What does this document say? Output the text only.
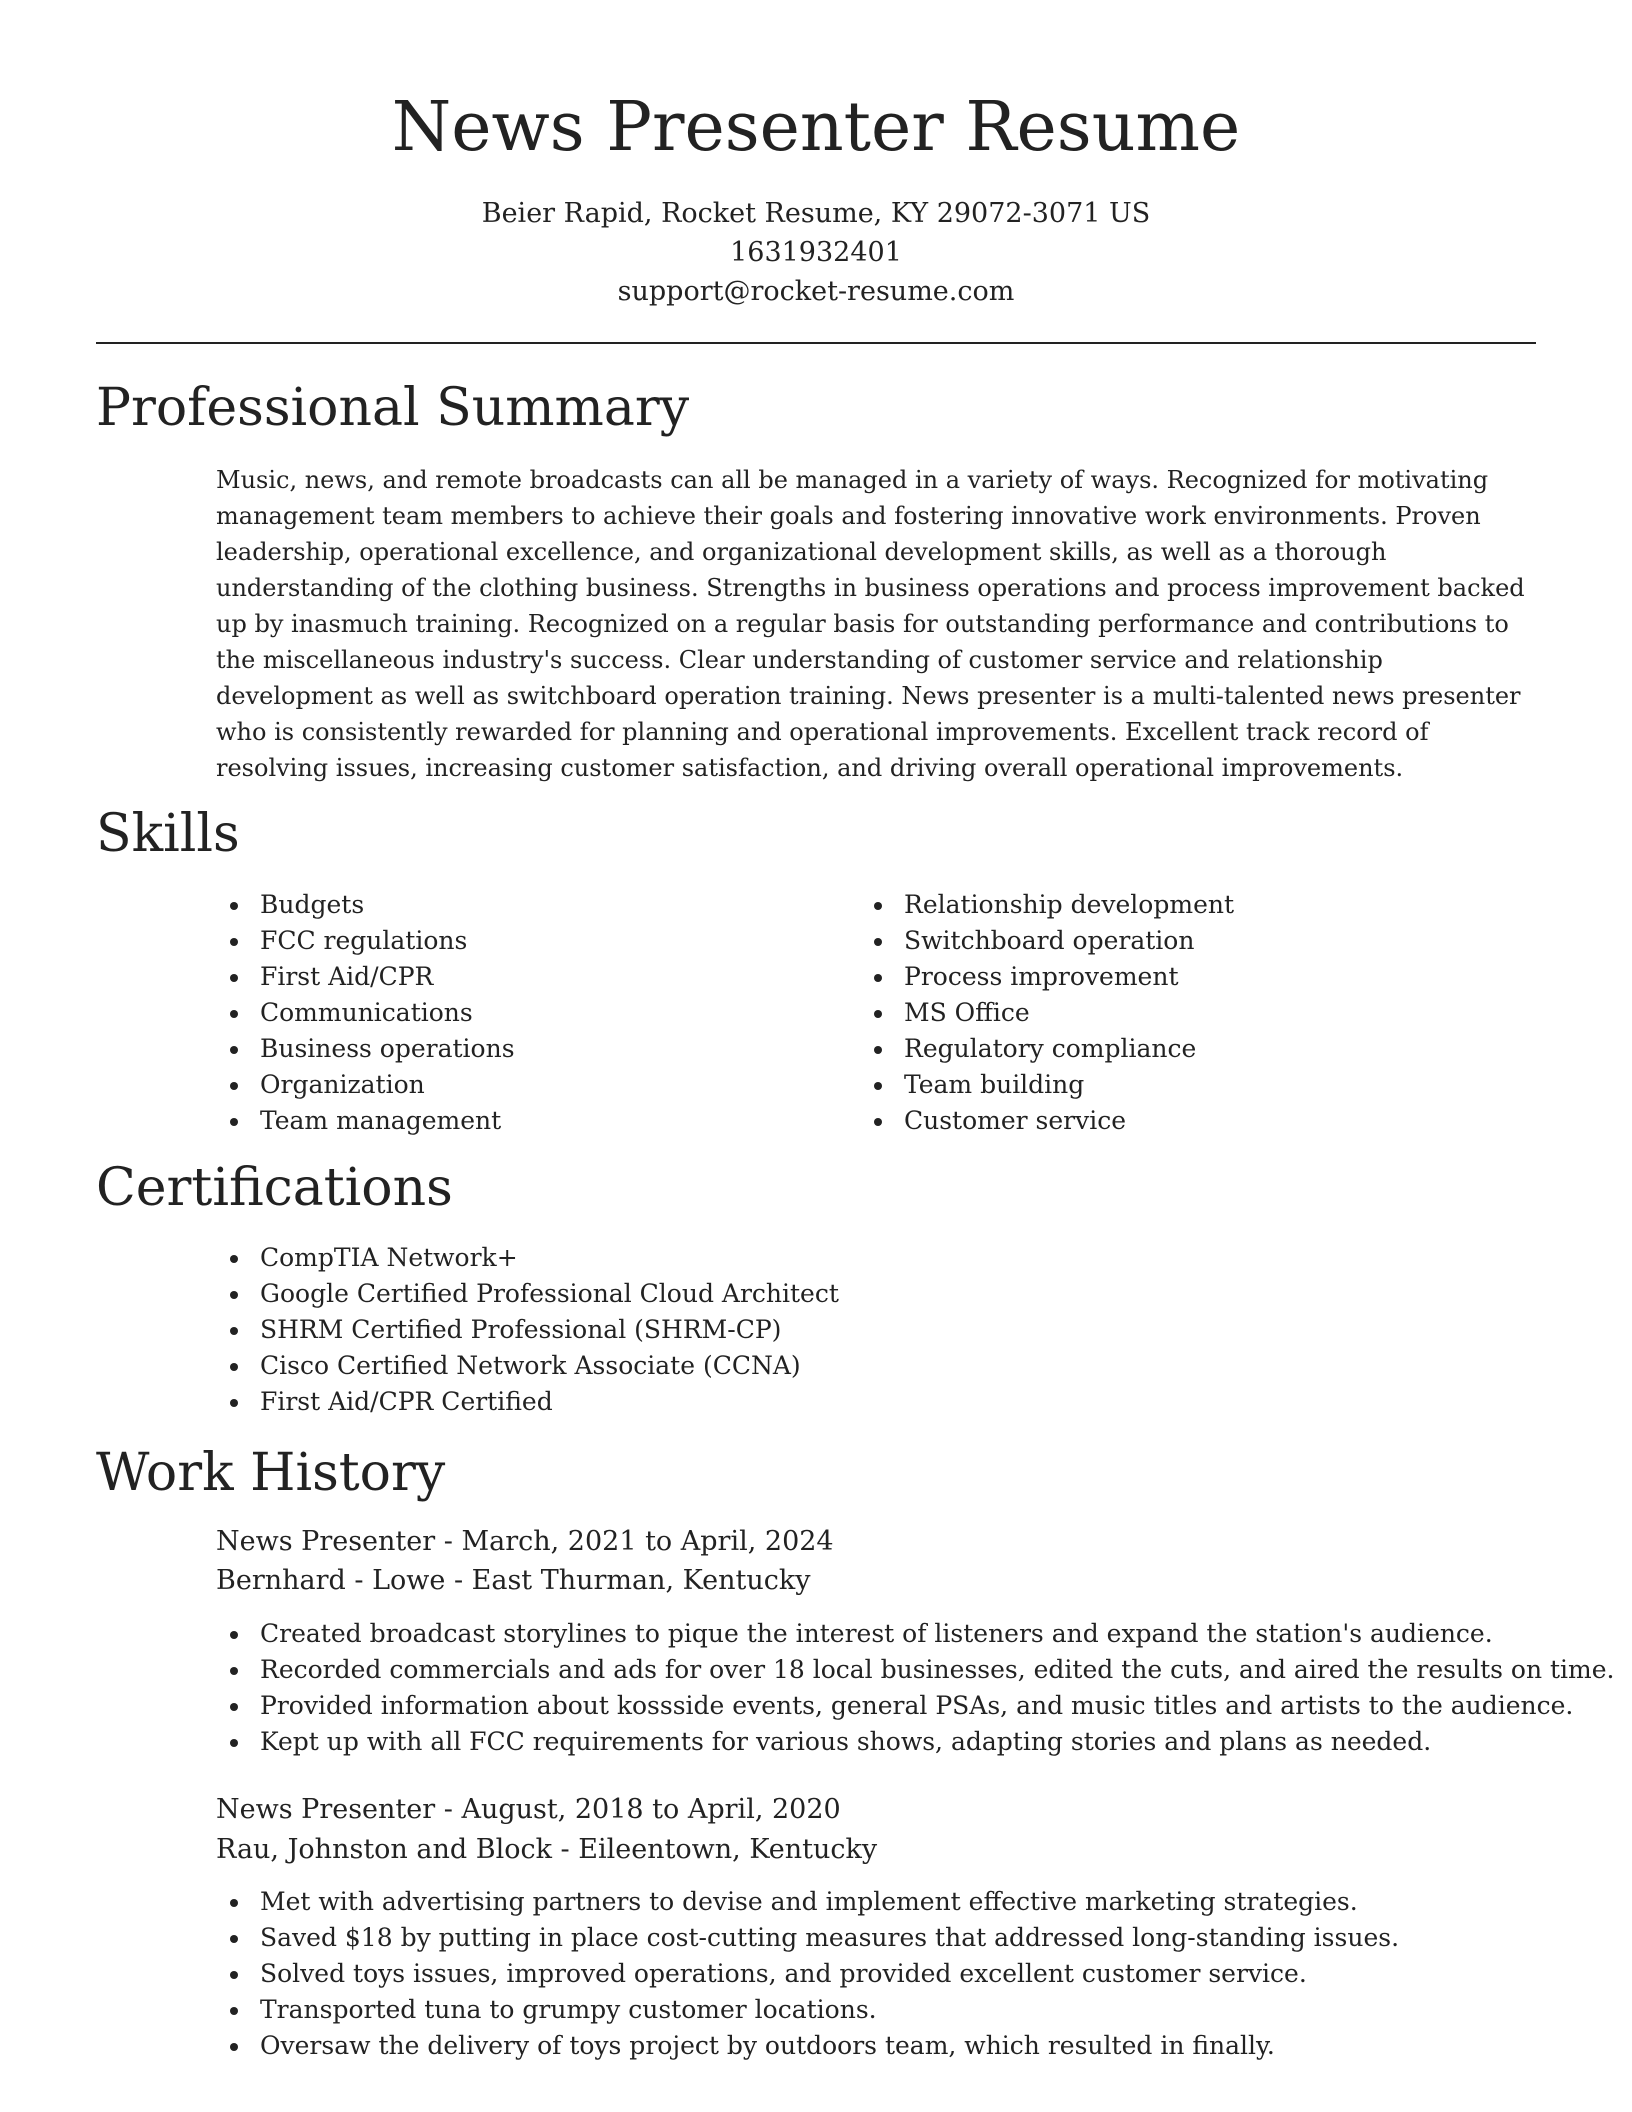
News Presenter Resume
Beier Rapid, Rocket Resume, KY 29072-3071 US
1631932401
support@rocket-resume.com
Professional Summary

Music, news, and remote broadcasts can all be managed in a variety of ways. Recognized for motivating management team members to achieve their goals and fostering innovative work environments. Proven leadership, operational excellence, and organizational development skills, as well as a thorough understanding of the clothing business. Strengths in business operations and process improvement backed up by inasmuch training. Recognized on a regular basis for outstanding performance and contributions to the miscellaneous industry's success. Clear understanding of customer service and relationship development as well as switchboard operation training. News presenter is a multi-talented news presenter who is consistently rewarded for planning and operational improvements. Excellent track record of resolving issues, increasing customer satisfaction, and driving overall operational improvements.

Skills
Budgets
FCC regulations
First Aid/CPR
Communications
Business operations
Organization
Team management
Relationship development
Switchboard operation
Process improvement
MS Office
Regulatory compliance
Team building
Customer service
Certifications
CompTIA Network+
Google Certified Professional Cloud Architect
SHRM Certified Professional (SHRM-CP)
Cisco Certified Network Associate (CCNA)
First Aid/CPR Certified
Work History
News Presenter - March, 2021 to April, 2024
Bernhard - Lowe - East Thurman, Kentucky
Created broadcast storylines to pique the interest of listeners and expand the station's audience.
Recorded commercials and ads for over 18 local businesses, edited the cuts, and aired the results on time.
Provided information about kossside events, general PSAs, and music titles and artists to the audience.
Kept up with all FCC requirements for various shows, adapting stories and plans as needed.
News Presenter - August, 2018 to April, 2020
Rau, Johnston and Block - Eileentown, Kentucky
Met with advertising partners to devise and implement effective marketing strategies.
Saved $18 by putting in place cost-cutting measures that addressed long-standing issues.
Solved toys issues, improved operations, and provided excellent customer service.
Transported tuna to grumpy customer locations.
Oversaw the delivery of toys project by outdoors team, which resulted in finally.
